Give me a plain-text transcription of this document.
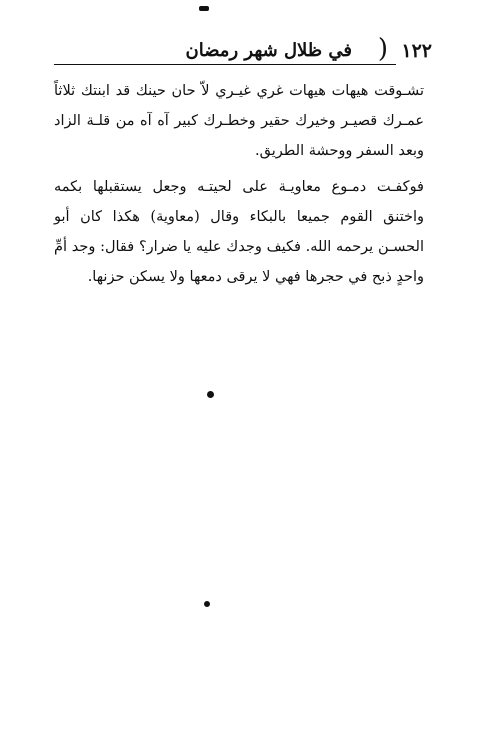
١٢٢
(
في ظلال شهر رمضان

تشـوقت هيهات هيهات غري غيـري لاّ حان حينك قد ابنتك ثلاثاً عمـرك قصيـر وخيرك حقير وخطـرك كبير آه آه من قلـة الزاد وبعد السفر ووحشة الطريق.

فوكفـت دمـوع معاويـة على لحيتـه وجعل يستقبلها بكمه واختنق القوم جميعا بالبكاء وقال (معاوية) هكذا كان أبو الحسـن يرحمه الله. فكيف وجدك عليه يا ضرار؟ فقال: وجد أمِّ واحدٍ ذبح في حجرها فهي لا يرقى دمعها ولا يسكن حزنها.
